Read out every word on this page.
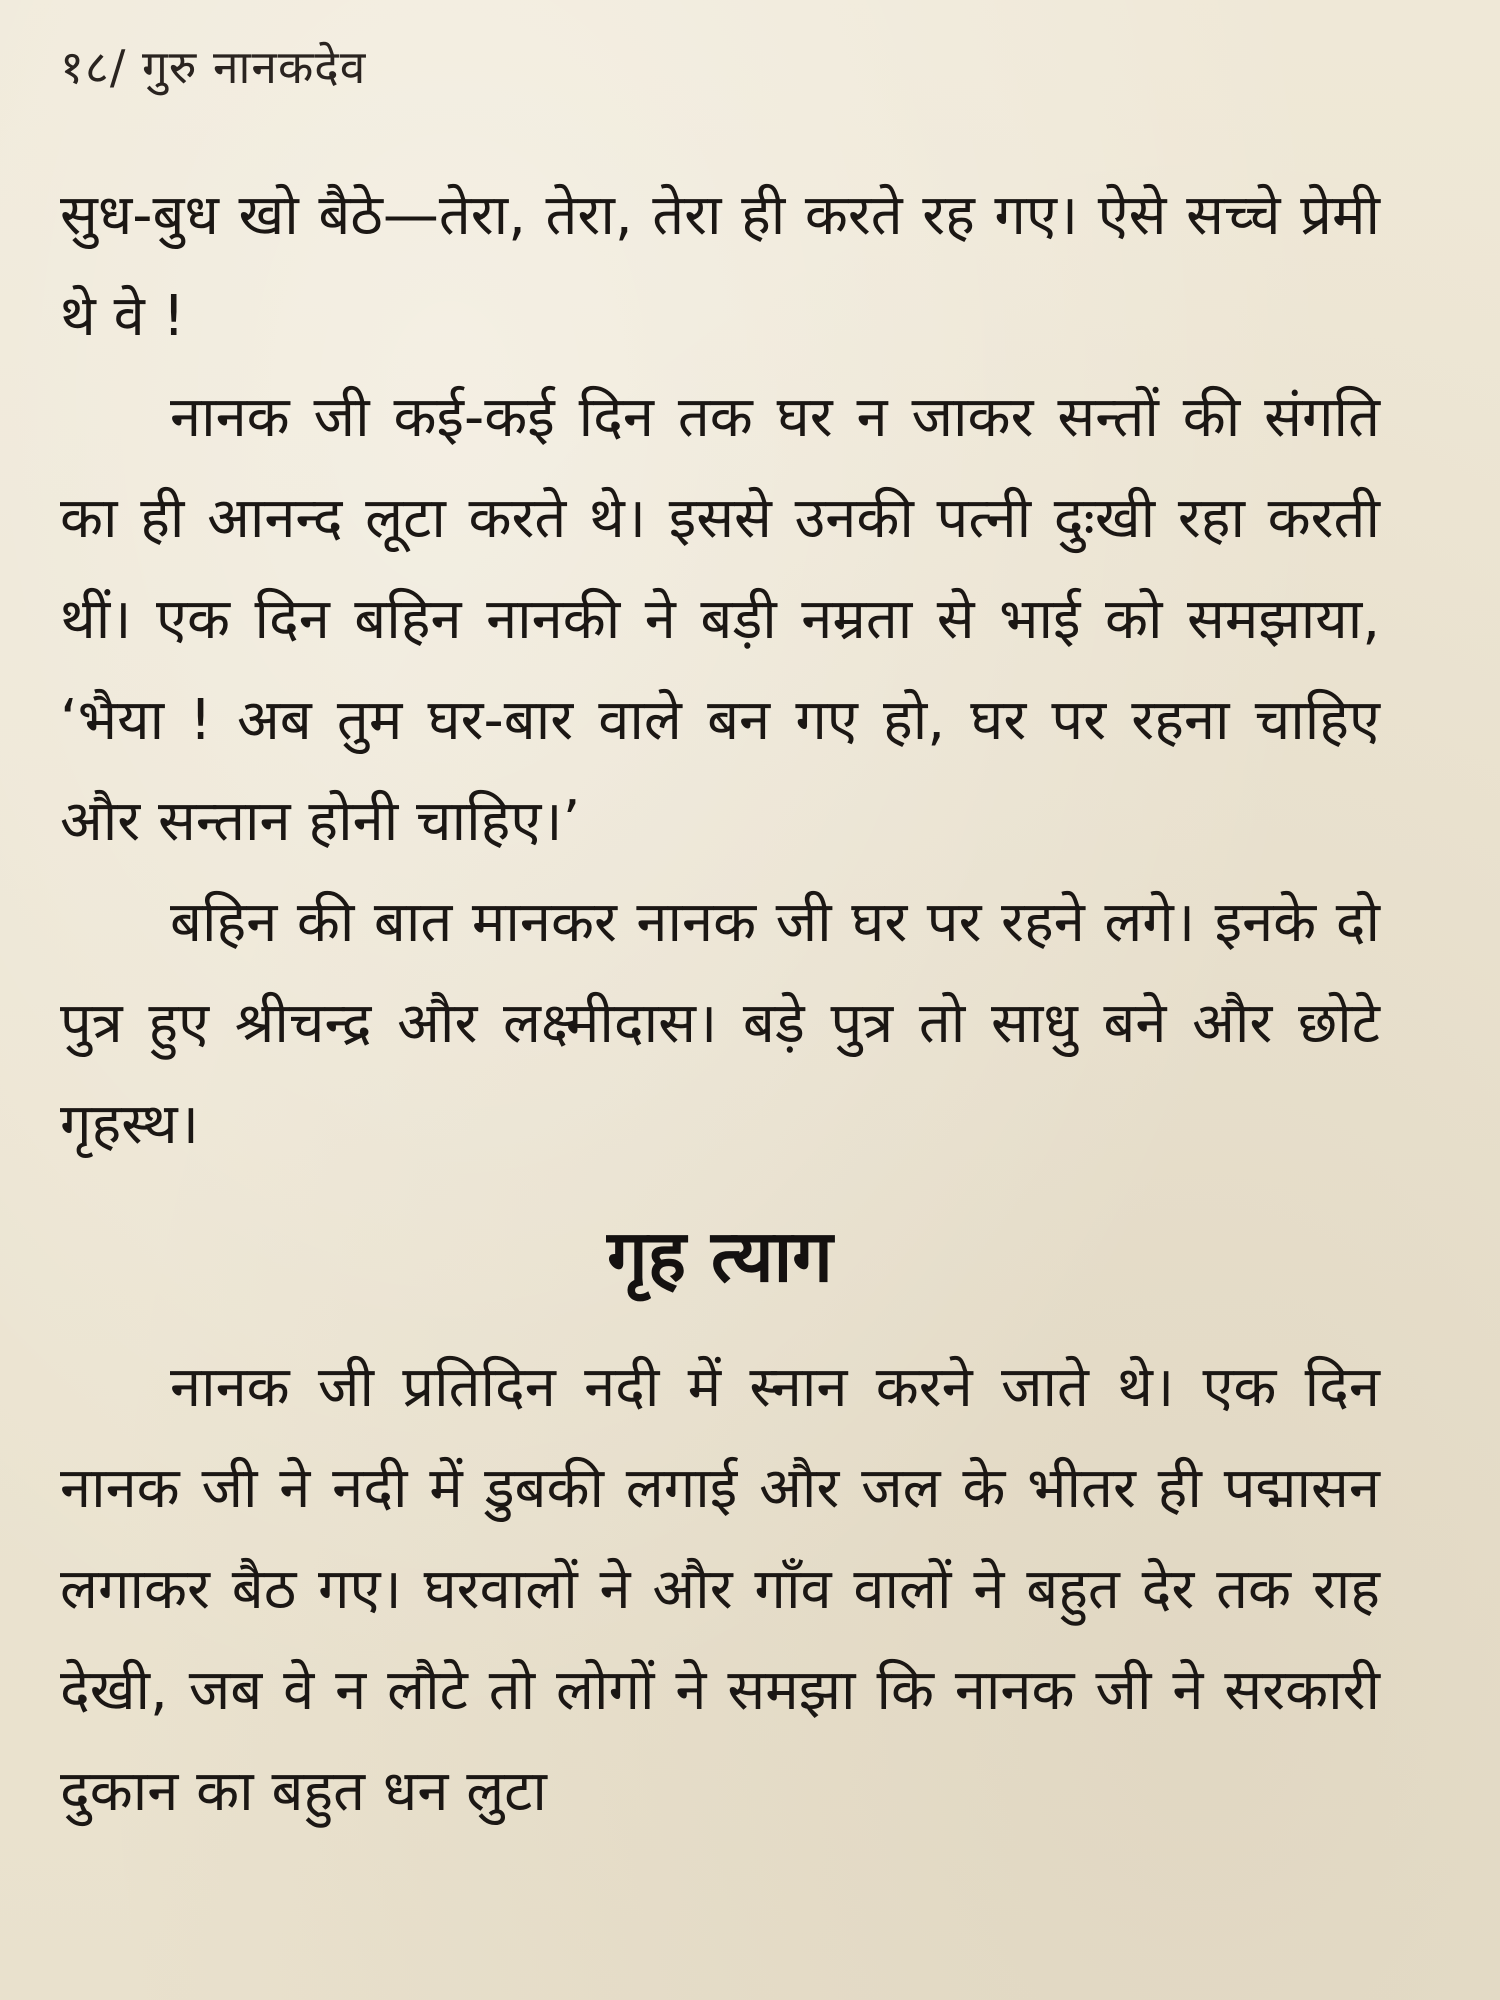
१८/ गुरु नानकदेव

सुध-बुध खो बैठे—तेरा, तेरा, तेरा ही करते रह गए। ऐसे सच्चे प्रेमी थे वे !

नानक जी कई-कई दिन तक घर न जाकर सन्तों की संगति का ही आनन्द लूटा करते थे। इससे उनकी पत्नी दुःखी रहा करती थीं। एक दिन बहिन नानकी ने बड़ी नम्रता से भाई को समझाया, ‘भैया ! अब तुम घर-बार वाले बन गए हो, घर पर रहना चाहिए और सन्तान होनी चाहिए।’

बहिन की बात मानकर नानक जी घर पर रहने लगे। इनके दो पुत्र हुए श्रीचन्द्र और लक्ष्मीदास। बड़े पुत्र तो साधु बने और छोटे गृहस्थ।

गृह त्याग

नानक जी प्रतिदिन नदी में स्नान करने जाते थे। एक दिन नानक जी ने नदी में डुबकी लगाई और जल के भीतर ही पद्मासन लगाकर बैठ गए। घरवालों ने और गाँव वालों ने बहुत देर तक राह देखी, जब वे न लौटे तो लोगों ने समझा कि नानक जी ने सरकारी दुकान का बहुत धन लुटा
